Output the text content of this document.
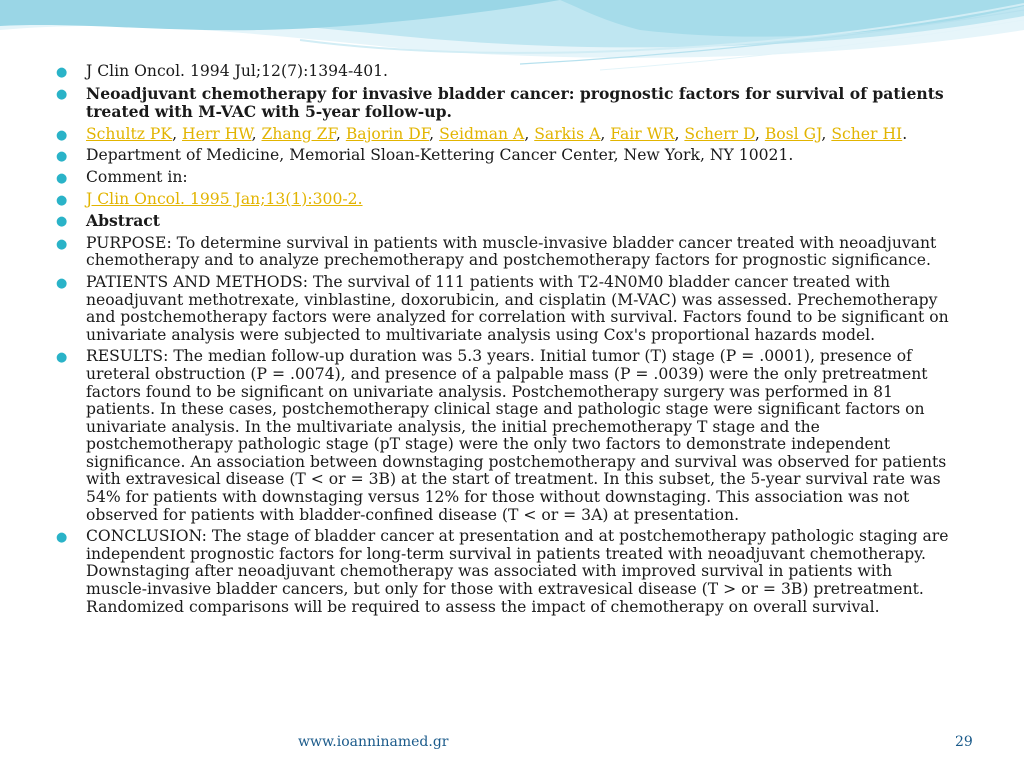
● J Clin Oncol. 1994 Jul;12(7):1394-401.
● Neoadjuvant chemotherapy for invasive bladder cancer: prognostic factors for survival of patients treated with M-VAC with 5-year follow-up.
● Schultz PK, Herr HW, Zhang ZF, Bajorin DF, Seidman A, Sarkis A, Fair WR, Scherr D, Bosl GJ, Scher HI.
● Department of Medicine, Memorial Sloan-Kettering Cancer Center, New York, NY 10021.
● Comment in:
● J Clin Oncol. 1995 Jan;13(1):300-2.
● Abstract
● PURPOSE: To determine survival in patients with muscle-invasive bladder cancer treated with neoadjuvant chemotherapy and to analyze prechemotherapy and postchemotherapy factors for prognostic significance.
● PATIENTS AND METHODS: The survival of 111 patients with T2-4N0M0 bladder cancer treated with neoadjuvant methotrexate, vinblastine, doxorubicin, and cisplatin (M-VAC) was assessed. Prechemotherapy and postchemotherapy factors were analyzed for correlation with survival. Factors found to be significant on univariate analysis were subjected to multivariate analysis using Cox's proportional hazards model.
● RESULTS: The median follow-up duration was 5.3 years. Initial tumor (T) stage (P = .0001), presence of ureteral obstruction (P = .0074), and presence of a palpable mass (P = .0039) were the only pretreatment factors found to be significant on univariate analysis. Postchemotherapy surgery was performed in 81 patients. In these cases, postchemotherapy clinical stage and pathologic stage were significant factors on univariate analysis. In the multivariate analysis, the initial prechemotherapy T stage and the postchemotherapy pathologic stage (pT stage) were the only two factors to demonstrate independent significance. An association between downstaging postchemotherapy and survival was observed for patients with extravesical disease (T < or = 3B) at the start of treatment. In this subset, the 5-year survival rate was 54% for patients with downstaging versus 12% for those without downstaging. This association was not observed for patients with bladder-confined disease (T < or = 3A) at presentation.
● CONCLUSION: The stage of bladder cancer at presentation and at postchemotherapy pathologic staging are independent prognostic factors for long-term survival in patients treated with neoadjuvant chemotherapy. Downstaging after neoadjuvant chemotherapy was associated with improved survival in patients with muscle-invasive bladder cancers, but only for those with extravesical disease (T > or = 3B) pretreatment. Randomized comparisons will be required to assess the impact of chemotherapy on overall survival.
www.ioanninamed.gr	29
